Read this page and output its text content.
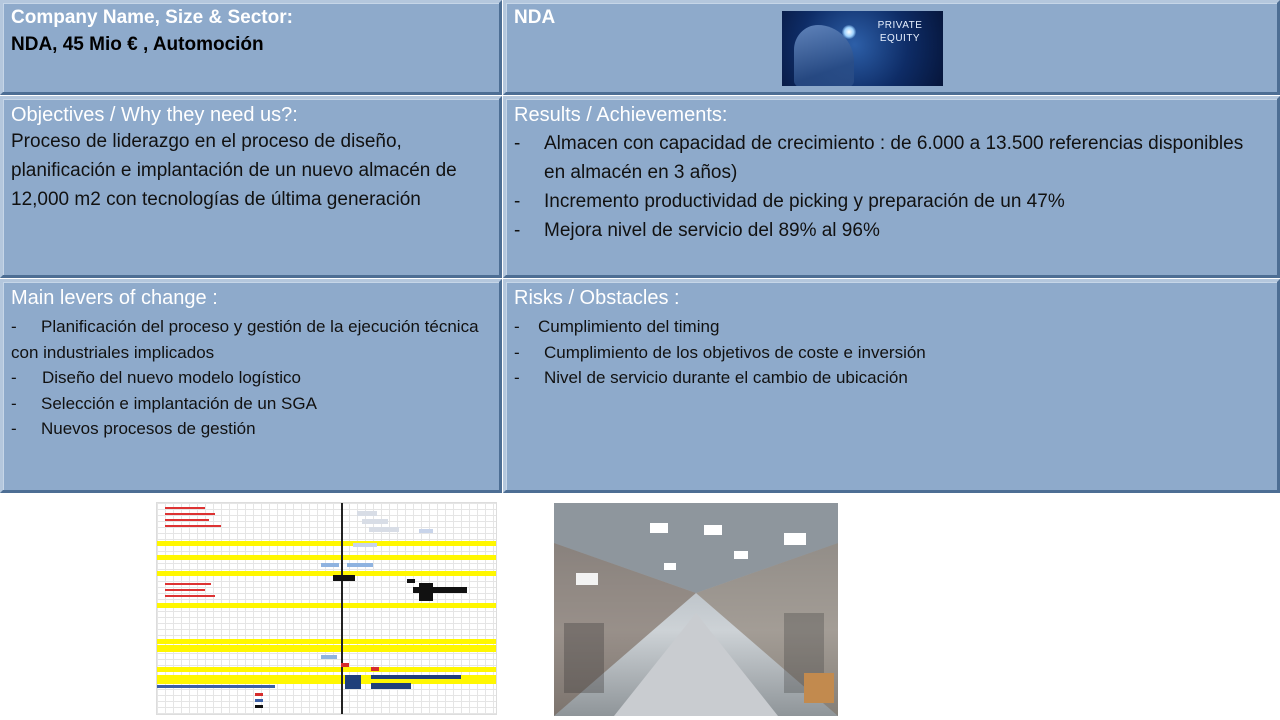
Company Name, Size & Sector:
NDA, 45 Mio € , Automoción
NDA	PRIVATE
EQUITY
Objectives / Why they need us?:
Proceso de liderazgo en el proceso de diseño, planificación e implantación de un nuevo almacén de 12,000 m2 con tecnologías de última generación
Results / Achievements:
- Almacen con capacidad de crecimiento : de 6.000 a 13.500 referencias disponibles en almacén en 3 años)
- Incremento productividad de picking y preparación de un 47%
- Mejora nivel de servicio del 89% al 96%
Main levers of change :
- Planificación del proceso y gestión de la ejecución técnica con industriales implicados
- Diseño del nuevo modelo logístico
- Selección e implantación de un SGA
- Nuevos procesos de gestión
Risks / Obstacles :
- Cumplimiento del timing
- Cumplimiento de los objetivos de coste e inversión
- Nivel de servicio durante el cambio de ubicación
